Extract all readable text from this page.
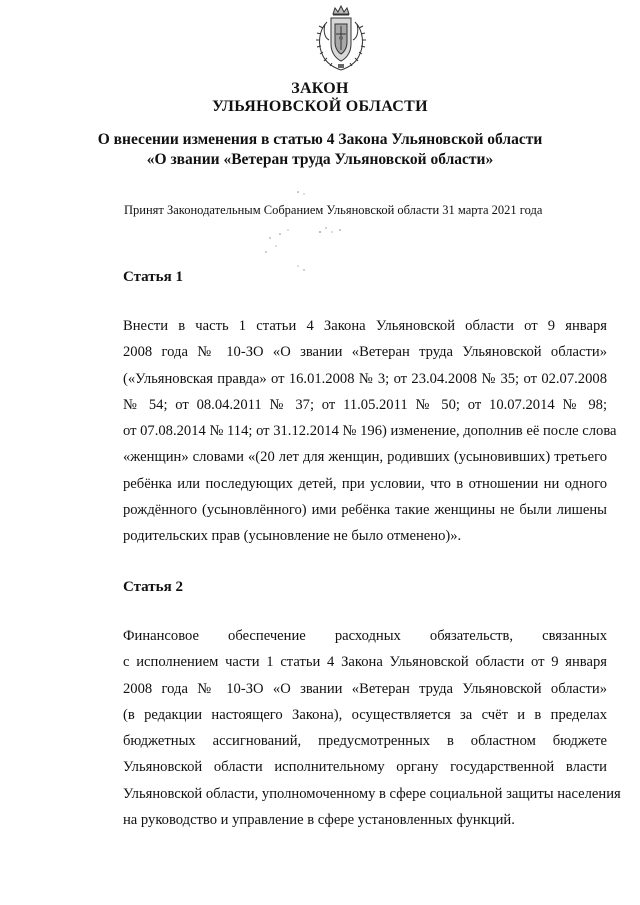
ЗАКОН
УЛЬЯНОВСКОЙ ОБЛАСТИ
О внесении изменения в статью 4 Закона Ульяновской области
«О звании «Ветеран труда Ульяновской области»
Принят Законодательным Собранием Ульяновской области 31 марта 2021 года
Статья 1
Внести в часть 1 статьи 4 Закона Ульяновской области от 9 января
2008 года № 10-ЗО «О звании «Ветеран труда Ульяновской области»
(«Ульяновская правда» от 16.01.2008 № 3; от 23.04.2008 № 35; от 02.07.2008
№ 54; от 08.04.2011 № 37; от 11.05.2011 № 50; от 10.07.2014 № 98;
от 07.08.2014 № 114; от 31.12.2014 № 196) изменение, дополнив её после слова
«женщин» словами «(20 лет для женщин, родивших (усыновивших) третьего
ребёнка или последующих детей, при условии, что в отношении ни одного
рождённого (усыновлённого) ими ребёнка такие женщины не были лишены
родительских прав (усыновление не было отменено)».
Статья 2
Финансовое обеспечение расходных обязательств, связанных
с исполнением части 1 статьи 4 Закона Ульяновской области от 9 января
2008 года № 10-ЗО «О звании «Ветеран труда Ульяновской области»
(в редакции настоящего Закона), осуществляется за счёт и в пределах
бюджетных ассигнований, предусмотренных в областном бюджете
Ульяновской области исполнительному органу государственной власти
Ульяновской области, уполномоченному в сфере социальной защиты населения
на руководство и управление в сфере установленных функций.
